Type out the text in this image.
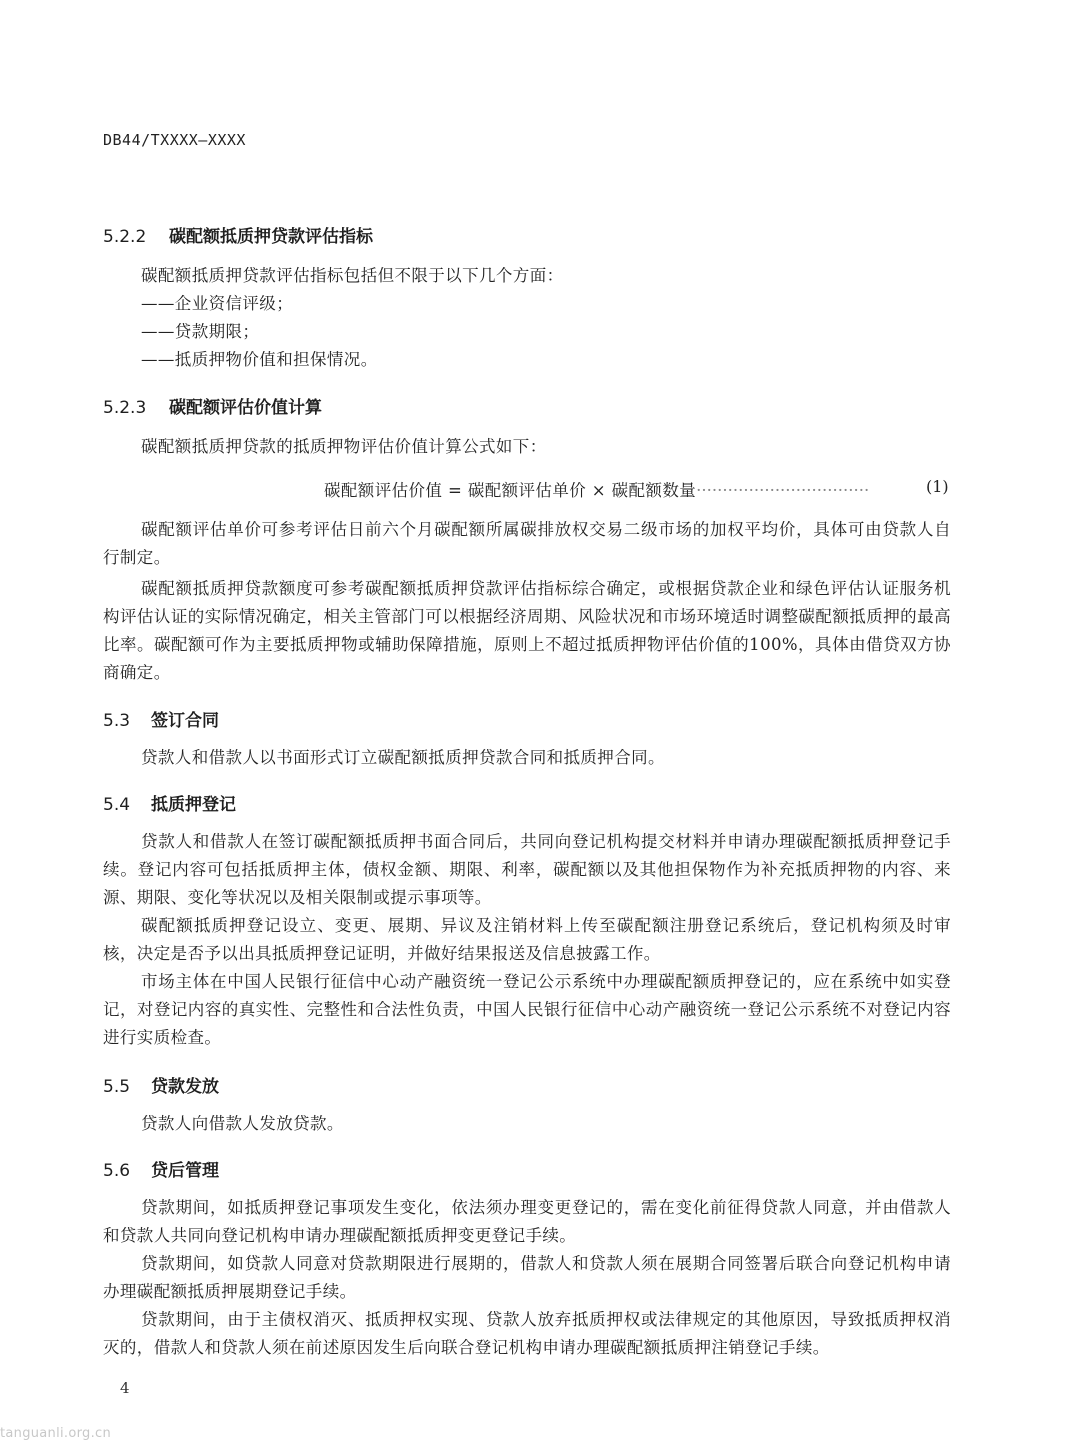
DB44/TXXXX—XXXX
5.2.2 碳配额抵质押贷款评估指标

碳配额抵质押贷款评估指标包括但不限于以下几个方面：

——企业资信评级；

——贷款期限；

——抵质押物价值和担保情况。

5.2.3 碳配额评估价值计算

碳配额抵质押贷款的抵质押物评估价值计算公式如下：

碳配额评估价值 = 碳配额评估单价 × 碳配额数量·································	(1)

碳配额评估单价可参考评估日前六个月碳配额所属碳排放权交易二级市场的加权平均价，具体可由贷款人自行制定。

碳配额抵质押贷款额度可参考碳配额抵质押贷款评估指标综合确定，或根据贷款企业和绿色评估认证服务机构评估认证的实际情况确定，相关主管部门可以根据经济周期、风险状况和市场环境适时调整碳配额抵质押的最高比率。碳配额可作为主要抵质押物或辅助保障措施，原则上不超过抵质押物评估价值的100%，具体由借贷双方协商确定。

5.3 签订合同

贷款人和借款人以书面形式订立碳配额抵质押贷款合同和抵质押合同。

5.4 抵质押登记

贷款人和借款人在签订碳配额抵质押书面合同后，共同向登记机构提交材料并申请办理碳配额抵质押登记手续。登记内容可包括抵质押主体，债权金额、期限、利率，碳配额以及其他担保物作为补充抵质押物的内容、来源、期限、变化等状况以及相关限制或提示事项等。

碳配额抵质押登记设立、变更、展期、异议及注销材料上传至碳配额注册登记系统后，登记机构须及时审核，决定是否予以出具抵质押登记证明，并做好结果报送及信息披露工作。

市场主体在中国人民银行征信中心动产融资统一登记公示系统中办理碳配额质押登记的，应在系统中如实登记，对登记内容的真实性、完整性和合法性负责，中国人民银行征信中心动产融资统一登记公示系统不对登记内容进行实质检查。

5.5 贷款发放

贷款人向借款人发放贷款。

5.6 贷后管理

贷款期间，如抵质押登记事项发生变化，依法须办理变更登记的，需在变化前征得贷款人同意，并由借款人和贷款人共同向登记机构申请办理碳配额抵质押变更登记手续。

贷款期间，如贷款人同意对贷款期限进行展期的，借款人和贷款人须在展期合同签署后联合向登记机构申请办理碳配额抵质押展期登记手续。

贷款期间，由于主债权消灭、抵质押权实现、贷款人放弃抵质押权或法律规定的其他原因，导致抵质押权消灭的，借款人和贷款人须在前述原因发生后向联合登记机构申请办理碳配额抵质押注销登记手续。

4
tanguanli.org.cn
